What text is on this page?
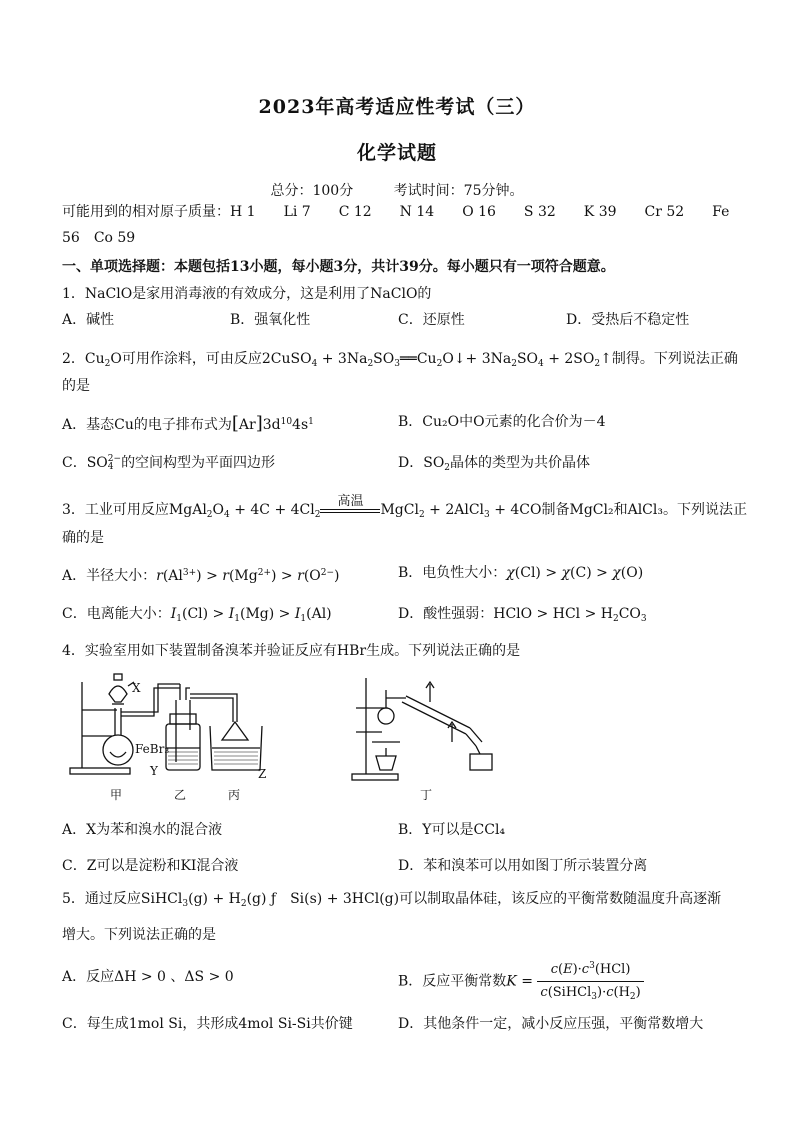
2023年高考适应性考试（三）
化学试题
总分：100分	考试时间：75分钟。
可能用到的相对原子质量：H 1　　Li 7　　C 12　　N 14　　O 16　　S 32　　K 39　　Cr 52　　Fe
56　Co 59
一、单项选择题：本题包括13小题，每小题3分，共计39分。每小题只有一项符合题意。
1．NaClO是家用消毒液的有效成分，这是利用了NaClO的
A．碱性	B．强氧化性	C．还原性	D．受热后不稳定性
2．$Cu_2O$可用作涂料，可由反应2CuSO$_4$ + $3Na_2SO_3══Cu_2O↓+ 3Na_2SO_4$ + $2SO_2↑$制得。下列说法正确
的是
A．基态Cu的电子排布式为$[Ar]3d^{10}4s^1$	B．Cu₂O中O元素的化合价为－4
C．SO2−
4 的空间构型为平面四边形	D．$SO_2$晶体的类型为共价晶体
3．工业可用反应$MgAl_2O_4 + 4C + 4Cl_2$
高温
MgCl$_2$ + 2AlCl$_3$ + 4CO制备MgCl₂和AlCl₃。下列说法正
确的是
A．半径大小：$r(Al^{3+}) > r(Mg^{2+}) > r(O^{2-})$	B．电负性大小：χ(Cl) > χ(C) > χ(O)
C．电离能大小：$I_1(Cl) > I_1(Mg) > I_1(Al)$	D．酸性强弱：HClO > HCl > $H_2CO_3$
4．实验室用如下装置制备溴苯并验证反应有HBr生成。下列说法正确的是
X
FeBr₃
Y	Z
甲	乙	丙	丁
A．X为苯和溴水的混合液	B．Y可以是CCl₄
C．Z可以是淀粉和KI混合液	D．苯和溴苯可以用如图丁所示装置分离
5．通过反应SiHCl$_3$(g) + $H_2(g)$ ƒ　Si(s) + 3HCl(g)可以制取晶体硅，该反应的平衡常数随温度升高逐渐
增大。下列说法正确的是
A．反应ΔH > 0 、ΔS > 0	B．反应平衡常数$K = \frac{c(E)\cdot c^3(HCl)}{c(SiHCl_3)\cdot c(H_2)}$
C．每生成1mol Si，共形成4mol Si-Si共价键	D．其他条件一定，减小反应压强，平衡常数增大
